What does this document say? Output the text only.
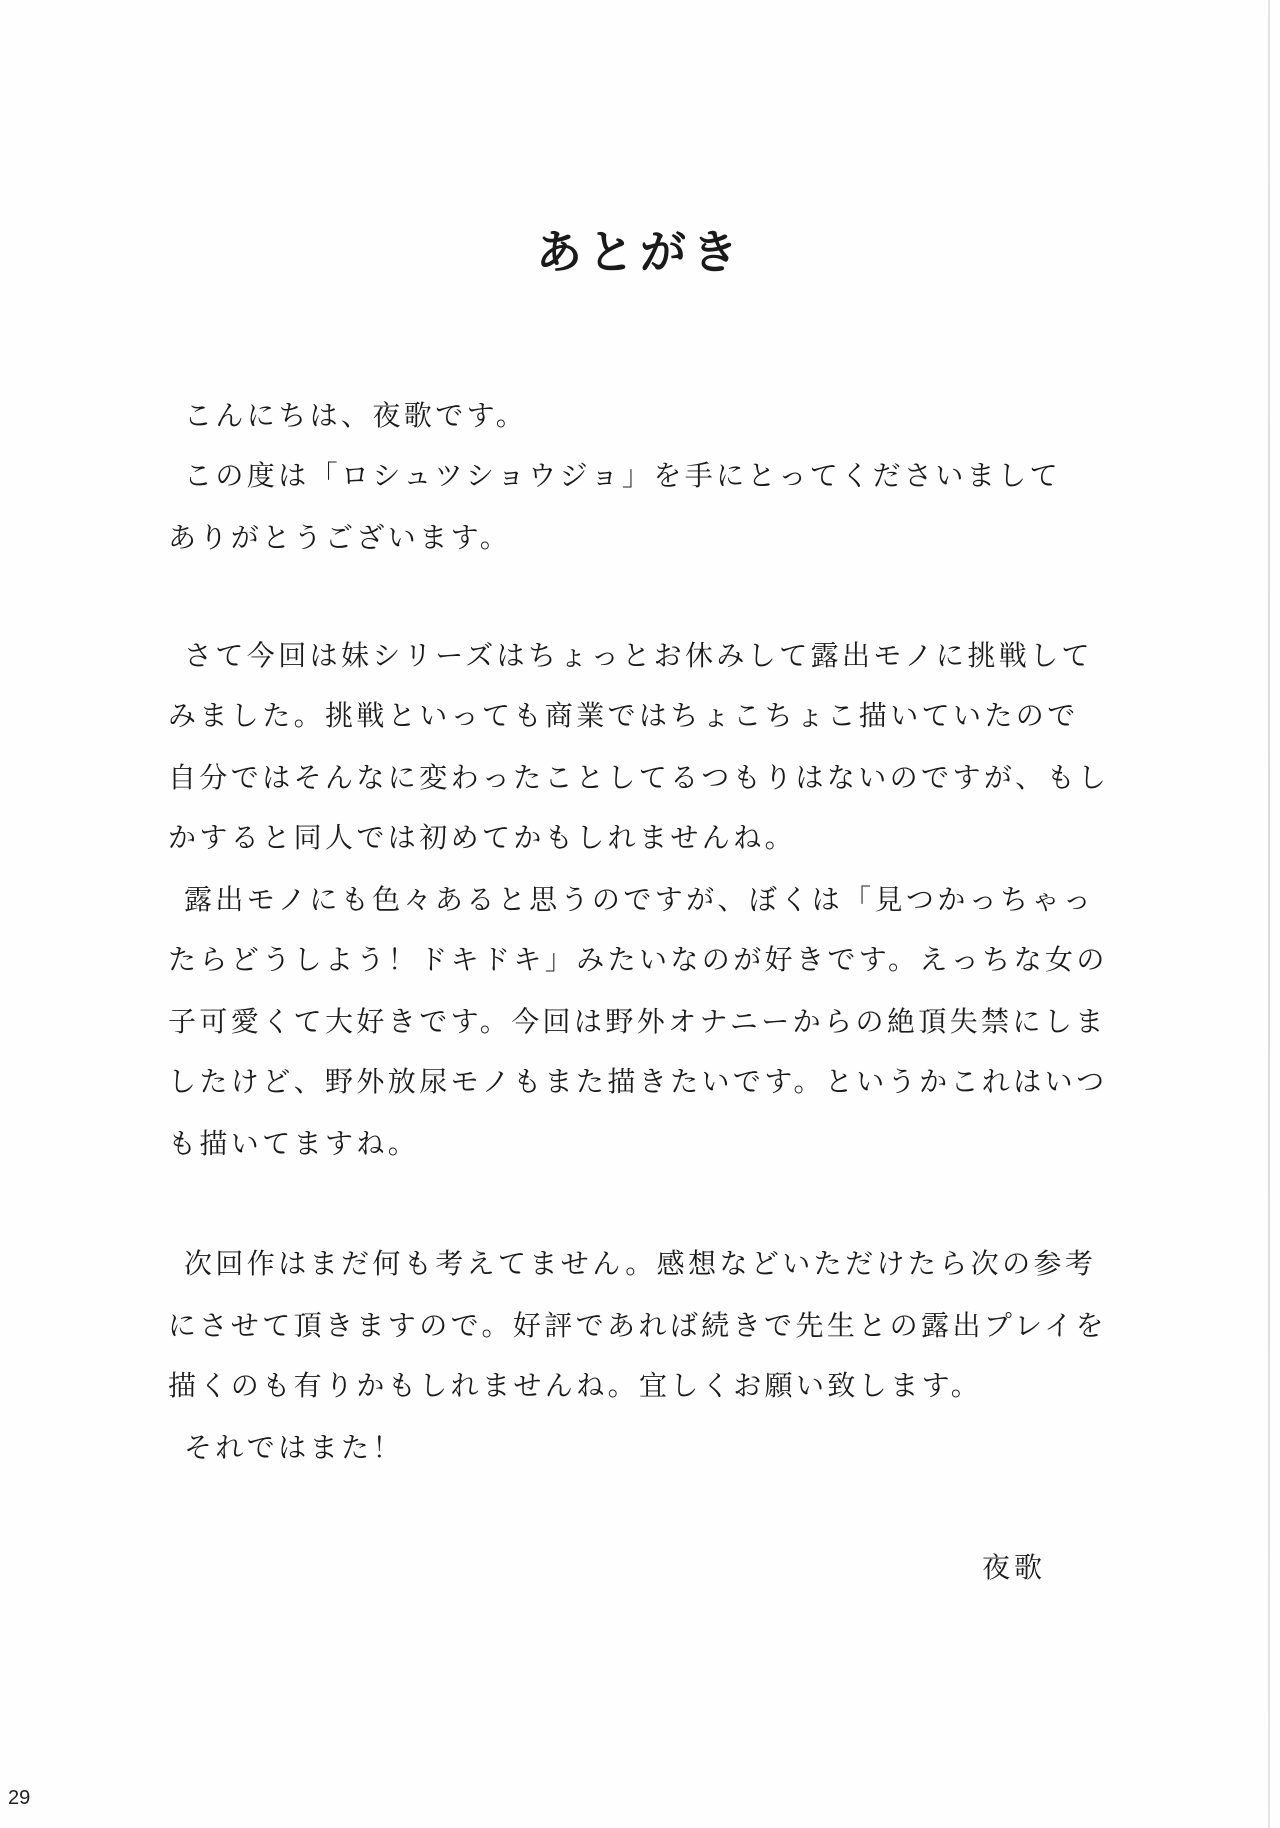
あとがき
こんにちは、夜歌です。
この度は「ロシュツショウジョ」を手にとってくださいまして
ありがとうございます。
さて今回は妹シリーズはちょっとお休みして露出モノに挑戦して
みました。挑戦といっても商業ではちょこちょこ描いていたので
自分ではそんなに変わったことしてるつもりはないのですが、もし
かすると同人では初めてかもしれませんね。
露出モノにも色々あると思うのですが、ぼくは「見つかっちゃっ
たらどうしよう！ドキドキ」みたいなのが好きです。えっちな女の
子可愛くて大好きです。今回は野外オナニーからの絶頂失禁にしま
したけど、野外放尿モノもまた描きたいです。というかこれはいつ
も描いてますね。
次回作はまだ何も考えてません。感想などいただけたら次の参考
にさせて頂きますので。好評であれば続きで先生との露出プレイを
描くのも有りかもしれませんね。宜しくお願い致します。
それではまた！
夜歌
29
